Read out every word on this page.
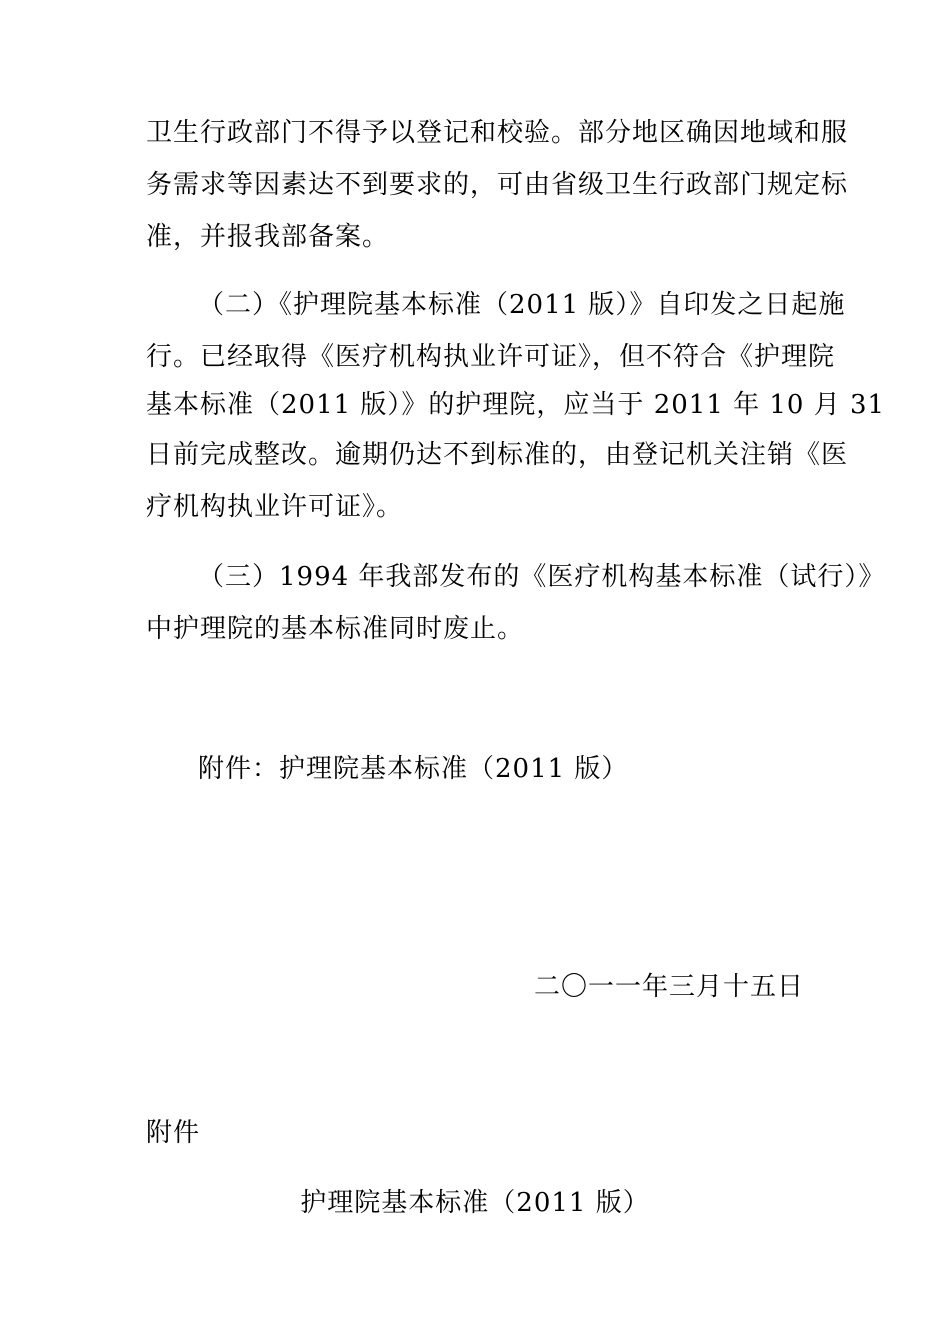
卫生行政部门不得予以登记和校验。部分地区确因地域和服
务需求等因素达不到要求的，可由省级卫生行政部门规定标
准，并报我部备案。
（二）《护理院基本标准（2011 版）》自印发之日起施
行。已经取得《医疗机构执业许可证》，但不符合《护理院
基本标准（2011 版）》的护理院，应当于 2011 年 10 月 31
日前完成整改。逾期仍达不到标准的，由登记机关注销《医
疗机构执业许可证》。
（三）1994 年我部发布的《医疗机构基本标准（试行）》
中护理院的基本标准同时废止。
附件：护理院基本标准（2011 版）
二〇一一年三月十五日
附件
护理院基本标准（2011 版）
